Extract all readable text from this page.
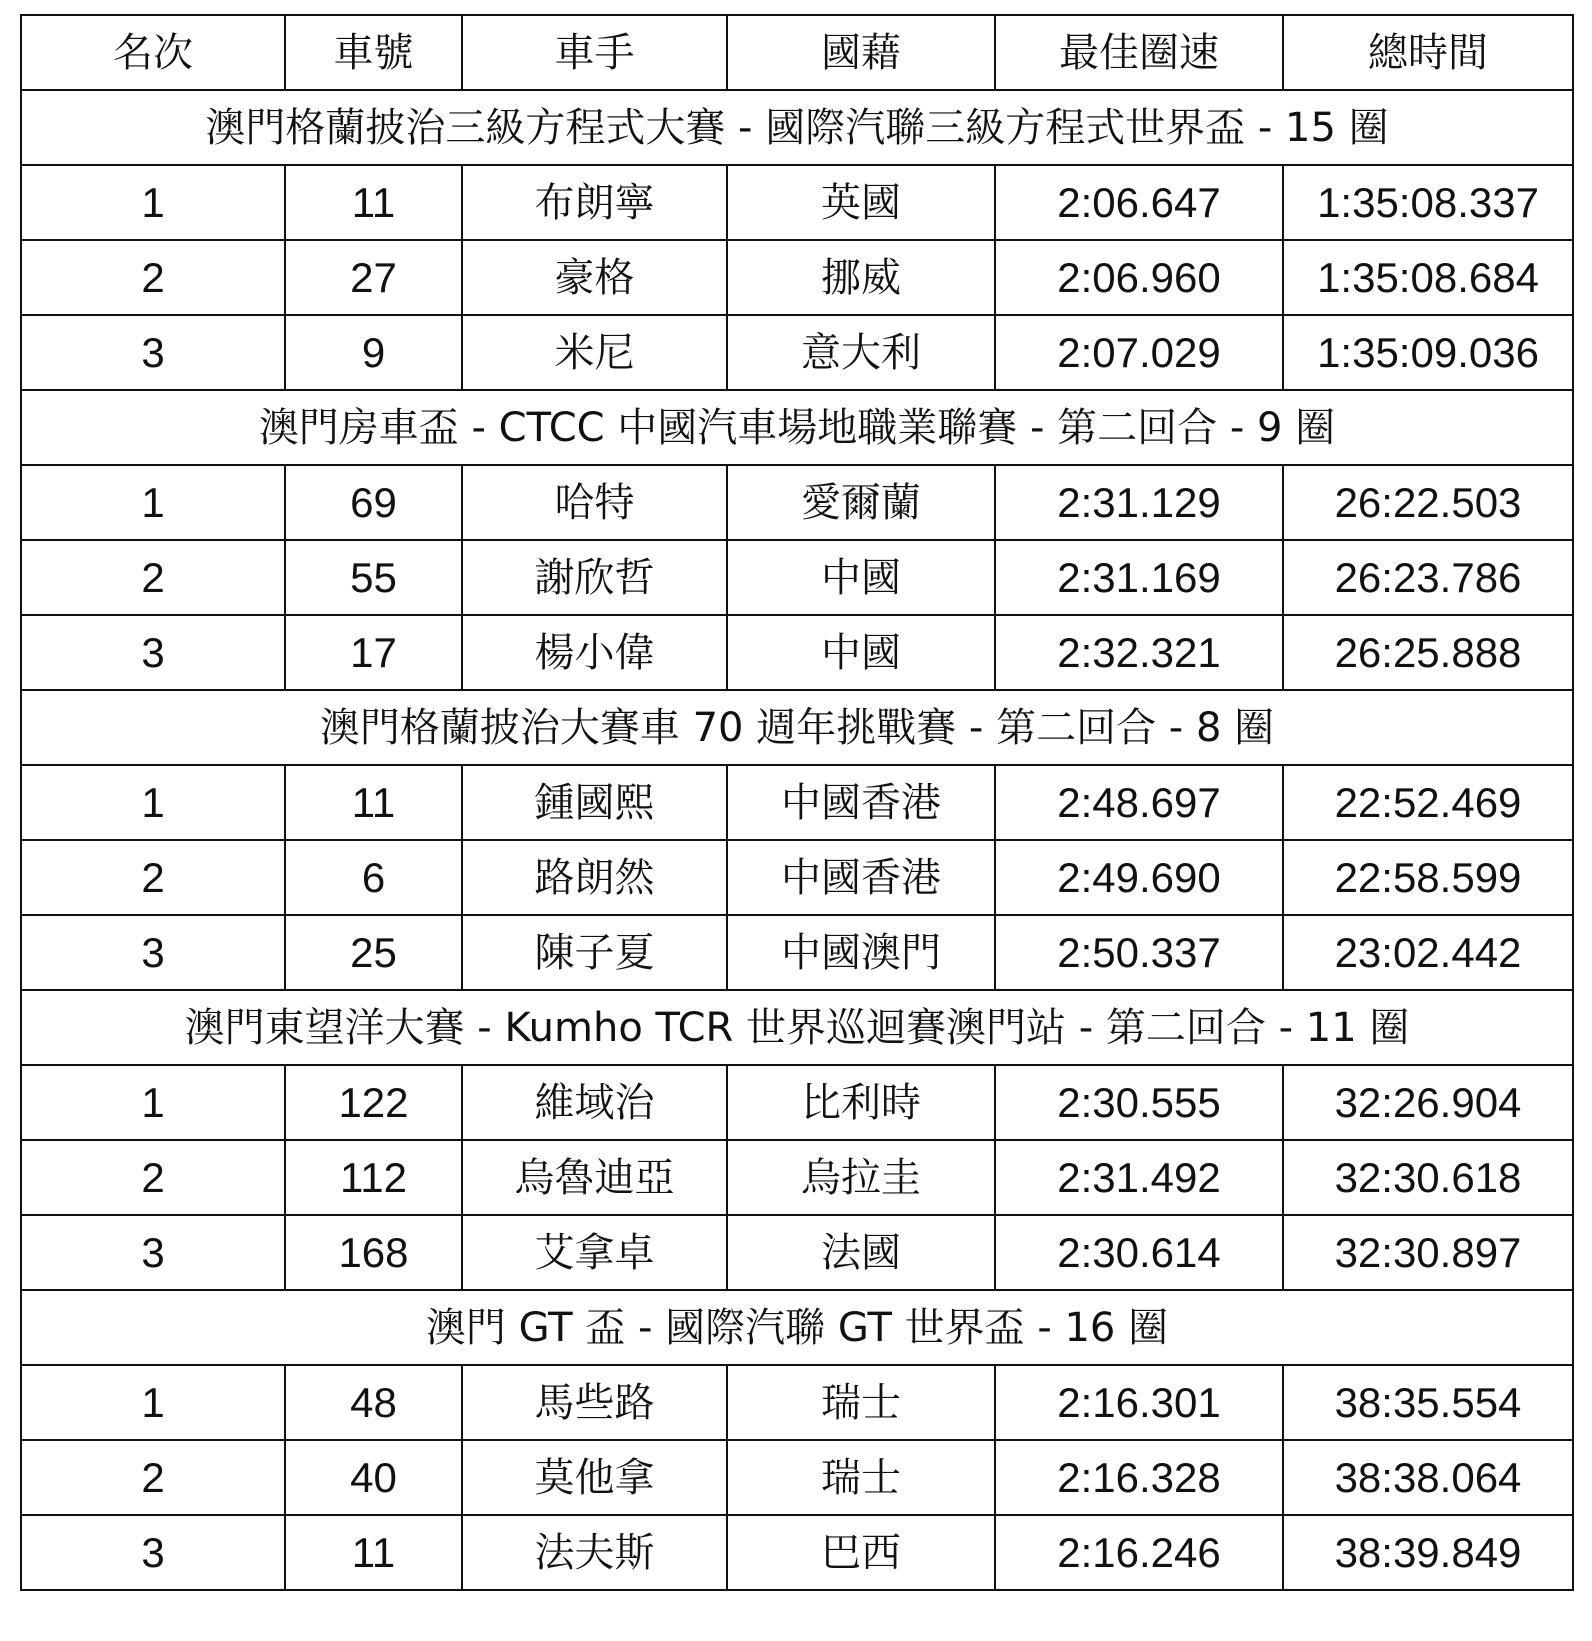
名次	車號	車手	國藉	最佳圈速	總時間
澳門格蘭披治三級方程式大賽 - 國際汽聯三級方程式世界盃 - 15 圈					
1	11	布朗寧	英國	2:06.647	1:35:08.337
2	27	豪格	挪威	2:06.960	1:35:08.684
3	9	米尼	意大利	2:07.029	1:35:09.036
澳門房車盃 - CTCC 中國汽車場地職業聯賽 - 第二回合 - 9 圈					
1	69	哈特	愛爾蘭	2:31.129	26:22.503
2	55	謝欣哲	中國	2:31.169	26:23.786
3	17	楊小偉	中國	2:32.321	26:25.888
澳門格蘭披治大賽車 70 週年挑戰賽 - 第二回合 - 8 圈					
1	11	鍾國熙	中國香港	2:48.697	22:52.469
2	6	路朗然	中國香港	2:49.690	22:58.599
3	25	陳子夏	中國澳門	2:50.337	23:02.442
澳門東望洋大賽 - Kumho TCR 世界巡迴賽澳門站 - 第二回合 - 11 圈					
1	122	維域治	比利時	2:30.555	32:26.904
2	112	烏魯迪亞	烏拉圭	2:31.492	32:30.618
3	168	艾拿卓	法國	2:30.614	32:30.897
澳門 GT 盃 - 國際汽聯 GT 世界盃 - 16 圈					
1	48	馬些路	瑞士	2:16.301	38:35.554
2	40	莫他拿	瑞士	2:16.328	38:38.064
3	11	法夫斯	巴西	2:16.246	38:39.849
